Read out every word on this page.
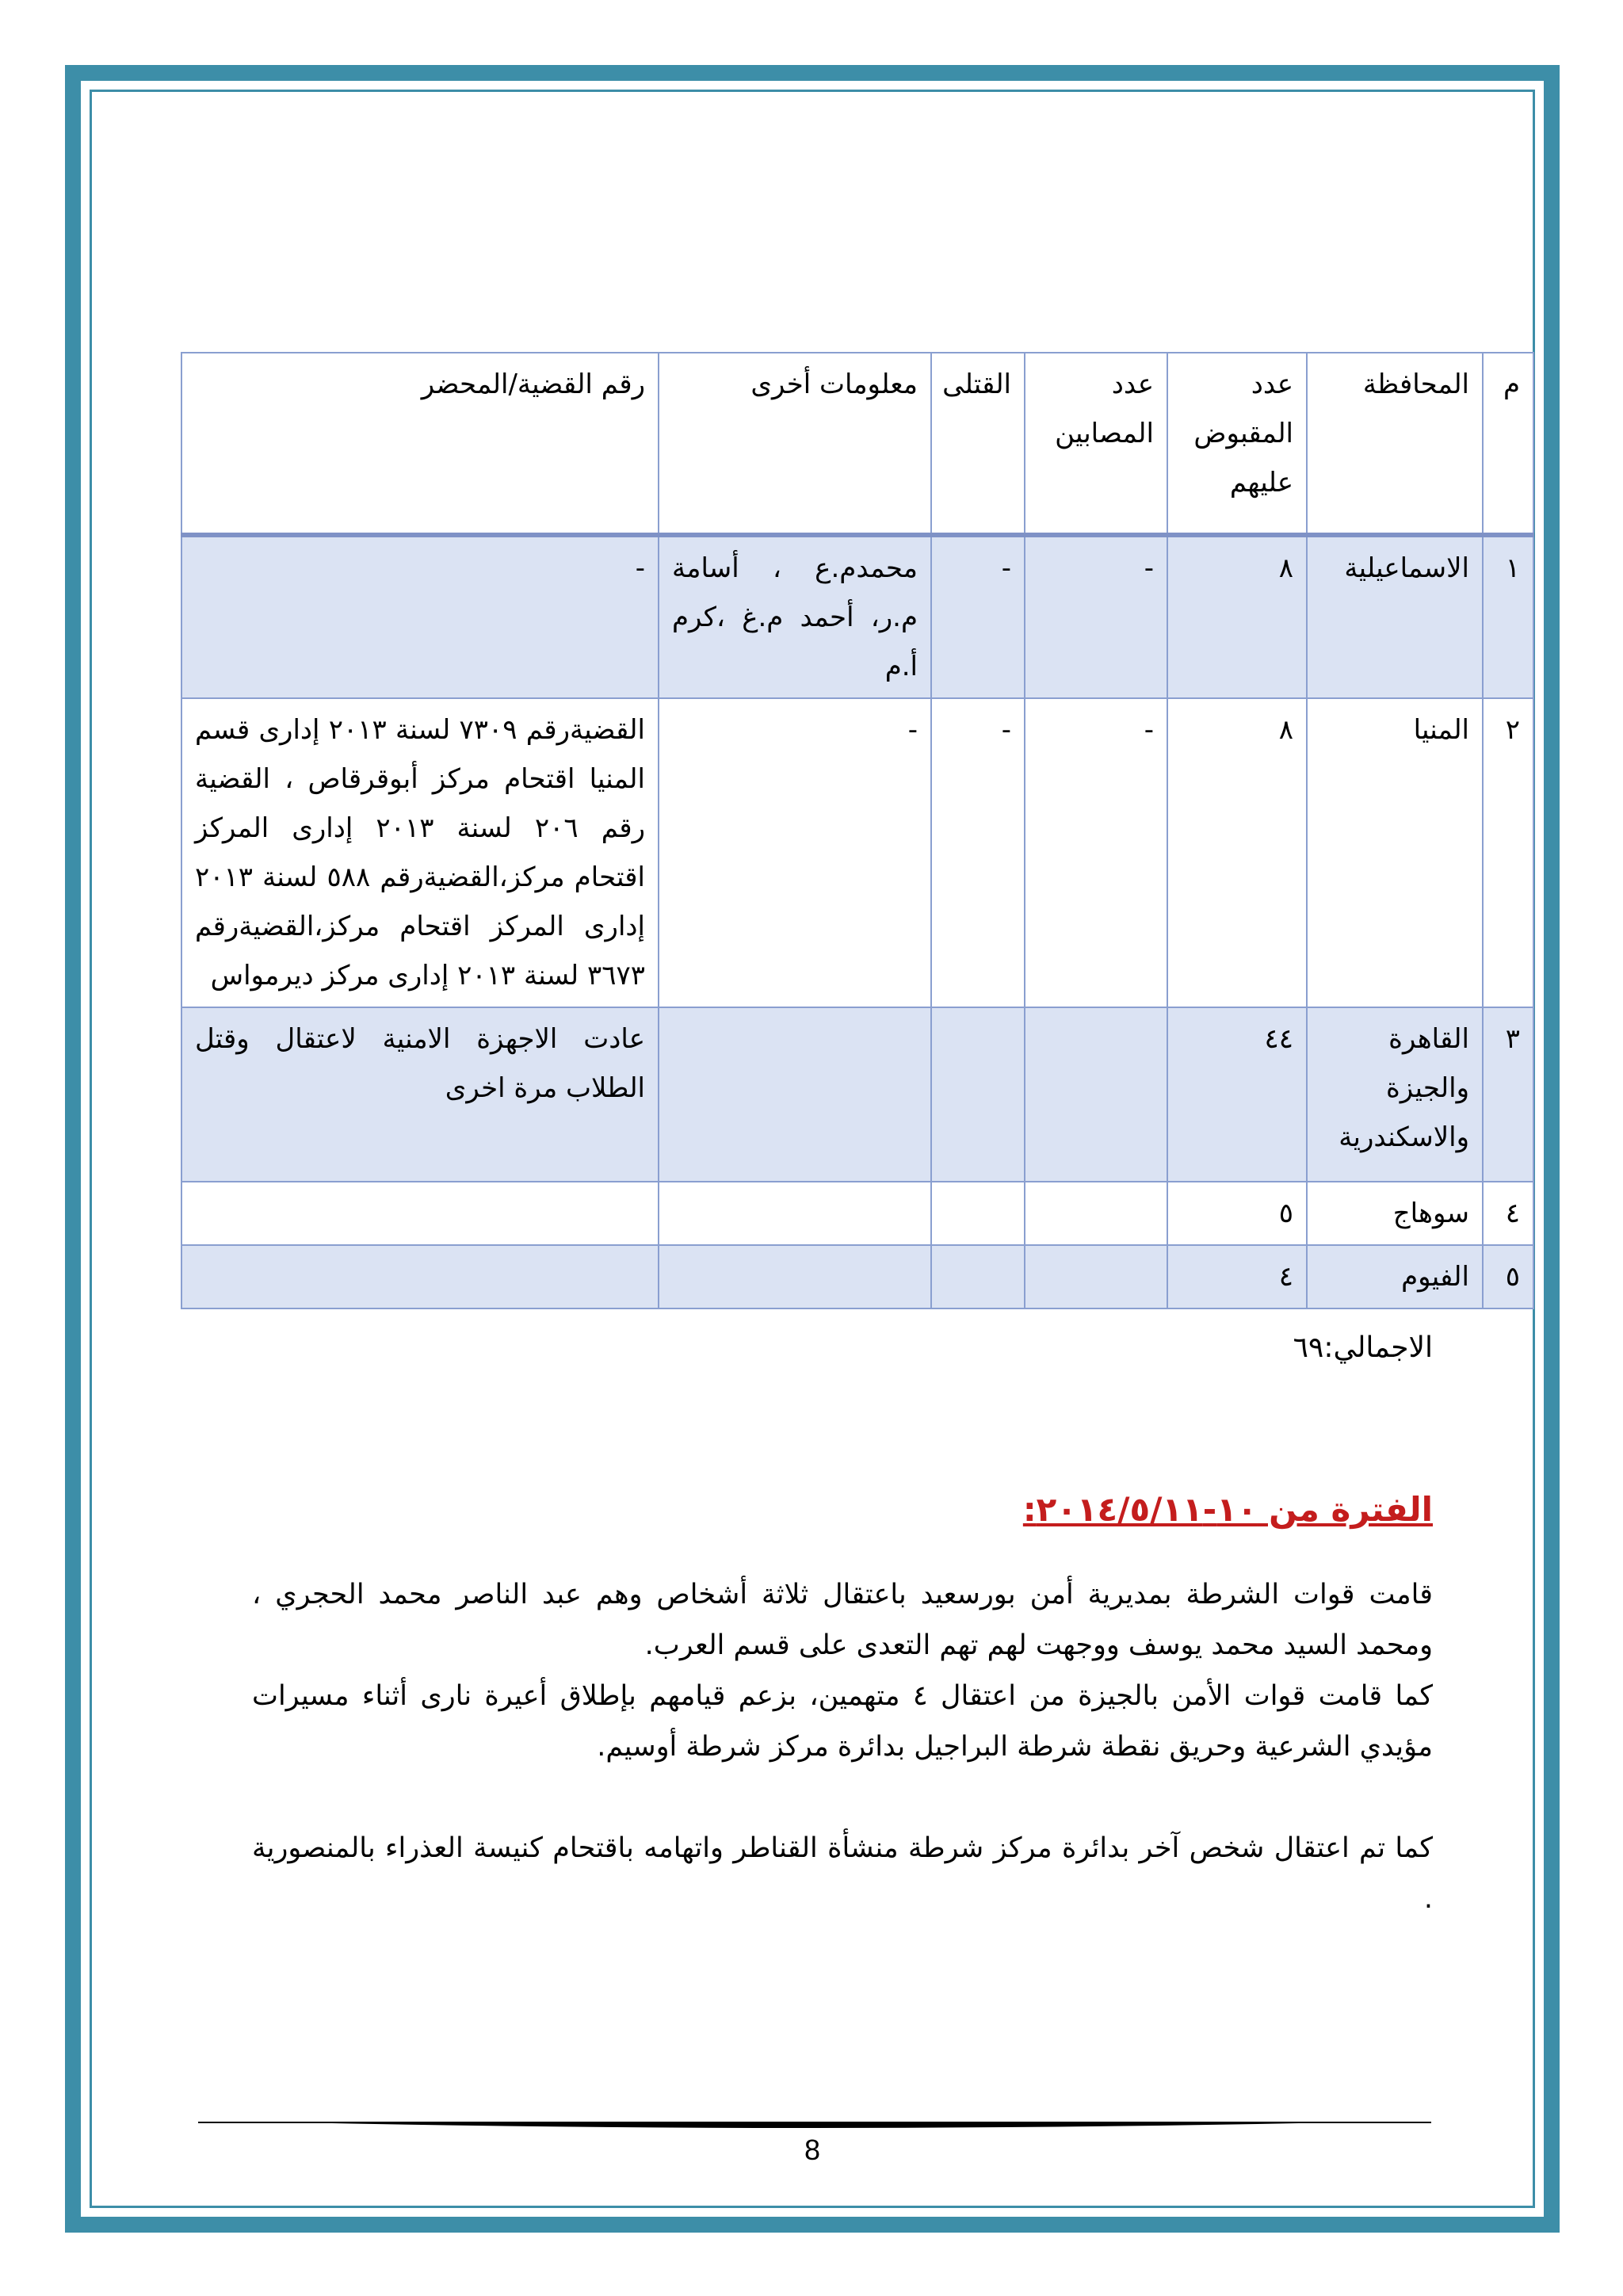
م	المحافظة	عدد المقبوض عليهم	عدد المصابين	القتلى	معلومات أخرى	رقم القضية/المحضر
١	الاسماعيلية	٨	-	-	محمدم.ع ، أسامة م.ر، أحمد م.غ ،كرم أ.م	-
٢	المنيا	٨	-	-	-	القضيةرقم ٧٣٠٩ لسنة ٢٠١٣ إدارى قسم المنيا اقتحام مركز أبوقرقاص ، القضية رقم ٢٠٦ لسنة ٢٠١٣ إدارى المركز اقتحام مركز،القضيةرقم ٥٨٨ لسنة ٢٠١٣ إدارى المركز اقتحام مركز،القضيةرقم ٣٦٧٣ لسنة ٢٠١٣ إدارى مركز ديرمواس
٣	القاهرة والجيزة والاسكندرية	٤٤				عادت الاجهزة الامنية لاعتقال وقتل الطلاب مرة اخرى
٤	سوهاج	٥				
٥	الفيوم	٤				
الاجمالي:٦٩
الفترة من ١٠-٢٠١٤/٥/١١:

قامت قوات الشرطة بمديرية أمن بورسعيد باعتقال ثلاثة أشخاص وهم عبد الناصر محمد الحجري ، ومحمد السيد محمد يوسف ووجهت لهم تهم التعدى على قسم العرب.

كما قامت قوات الأمن بالجيزة من اعتقال ٤ متهمين، بزعم قيامهم بإطلاق أعيرة نارى أثناء مسيرات مؤيدي الشرعية وحريق نقطة شرطة البراجيل بدائرة مركز شرطة أوسيم.

كما تم اعتقال شخص آخر بدائرة مركز شرطة منشأة القناطر واتهامه باقتحام كنيسة العذراء بالمنصورية .

8
